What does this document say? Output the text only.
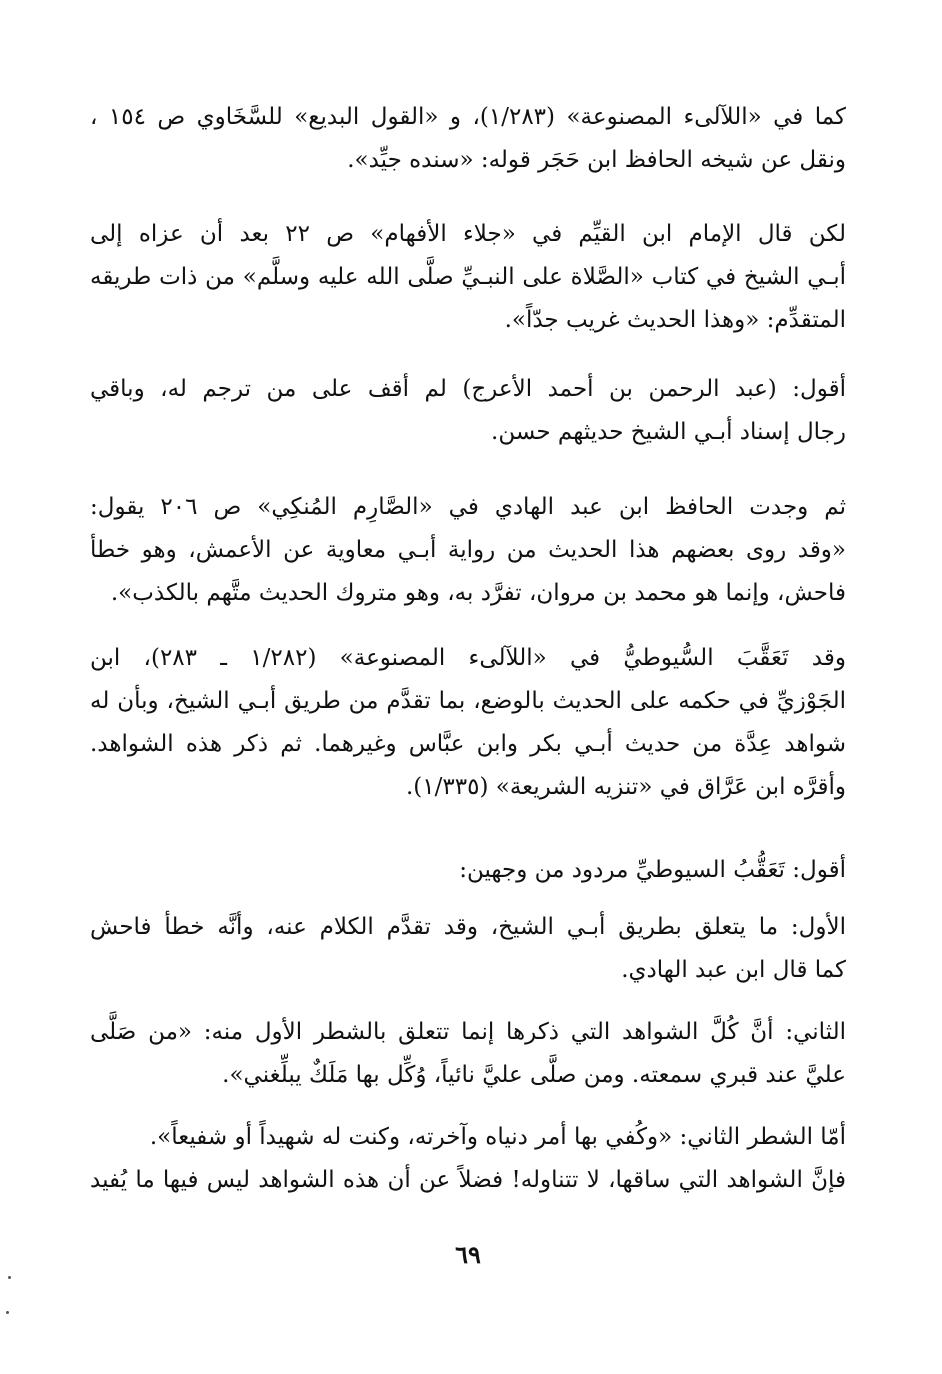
كما في «اللآلىء المصنوعة» (١/٢٨٣)، و «القول البديع» للسَّخَاوي ص ١٥٤ ،
ونقل عن شيخه الحافظ ابن حَجَر قوله: «سنده جيِّد».
لكن قال الإمام ابن القيِّم في «جلاء الأفهام» ص ٢٢ بعد أن عزاه إلى
أبـي الشيخ في كتاب «الصَّلاة على النبـيِّ صلَّى الله عليه وسلَّم» من ذات طريقه
المتقدِّم: «وهذا الحديث غريب جدّاً».
أقول: (عبد الرحمن بن أحمد الأعرج) لم أقف على من ترجم له، وباقي
رجال إسناد أبـي الشيخ حديثهم حسن.
ثم وجدت الحافظ ابن عبد الهادي في «الصَّارِم المُنكِي» ص ٢٠٦ يقول:
«وقد روى بعضهم هذا الحديث من رواية أبـي معاوية عن الأعمش، وهو خطأ
فاحش، وإنما هو محمد بن مروان، تفرَّد به، وهو متروك الحديث متَّهم بالكذب».
وقد تَعَقَّبَ السُّيوطيُّ في «اللآلىء المصنوعة» (١/٢٨٢ ـ ٢٨٣)، ابن
الجَوْزيِّ في حكمه على الحديث بالوضع، بما تقدَّم من طريق أبـي الشيخ، وبأن له
شواهد عِدَّة من حديث أبـي بكر وابن عبَّاس وغيرهما. ثم ذكر هذه الشواهد.
وأقرَّه ابن عَرَّاق في «تنزيه الشريعة» (١/٣٣٥).
أقول: تَعَقُّبُ السيوطيِّ مردود من وجهين:
الأول: ما يتعلق بطريق أبـي الشيخ، وقد تقدَّم الكلام عنه، وأنَّه خطأ فاحش
كما قال ابن عبد الهادي.
الثاني: أنَّ كُلَّ الشواهد التي ذكرها إنما تتعلق بالشطر الأول منه: «من صَلَّى
عليَّ عند قبري سمعته. ومن صلَّى عليَّ نائياً، وُكِّل بها مَلَكٌ يبلِّغني».
أمّا الشطر الثاني: «وكُفي بها أمر دنياه وآخرته، وكنت له شهيداً أو شفيعاً».
فإنَّ الشواهد التي ساقها، لا تتناوله! فضلاً عن أن هذه الشواهد ليس فيها ما يُفيد
٦٩
